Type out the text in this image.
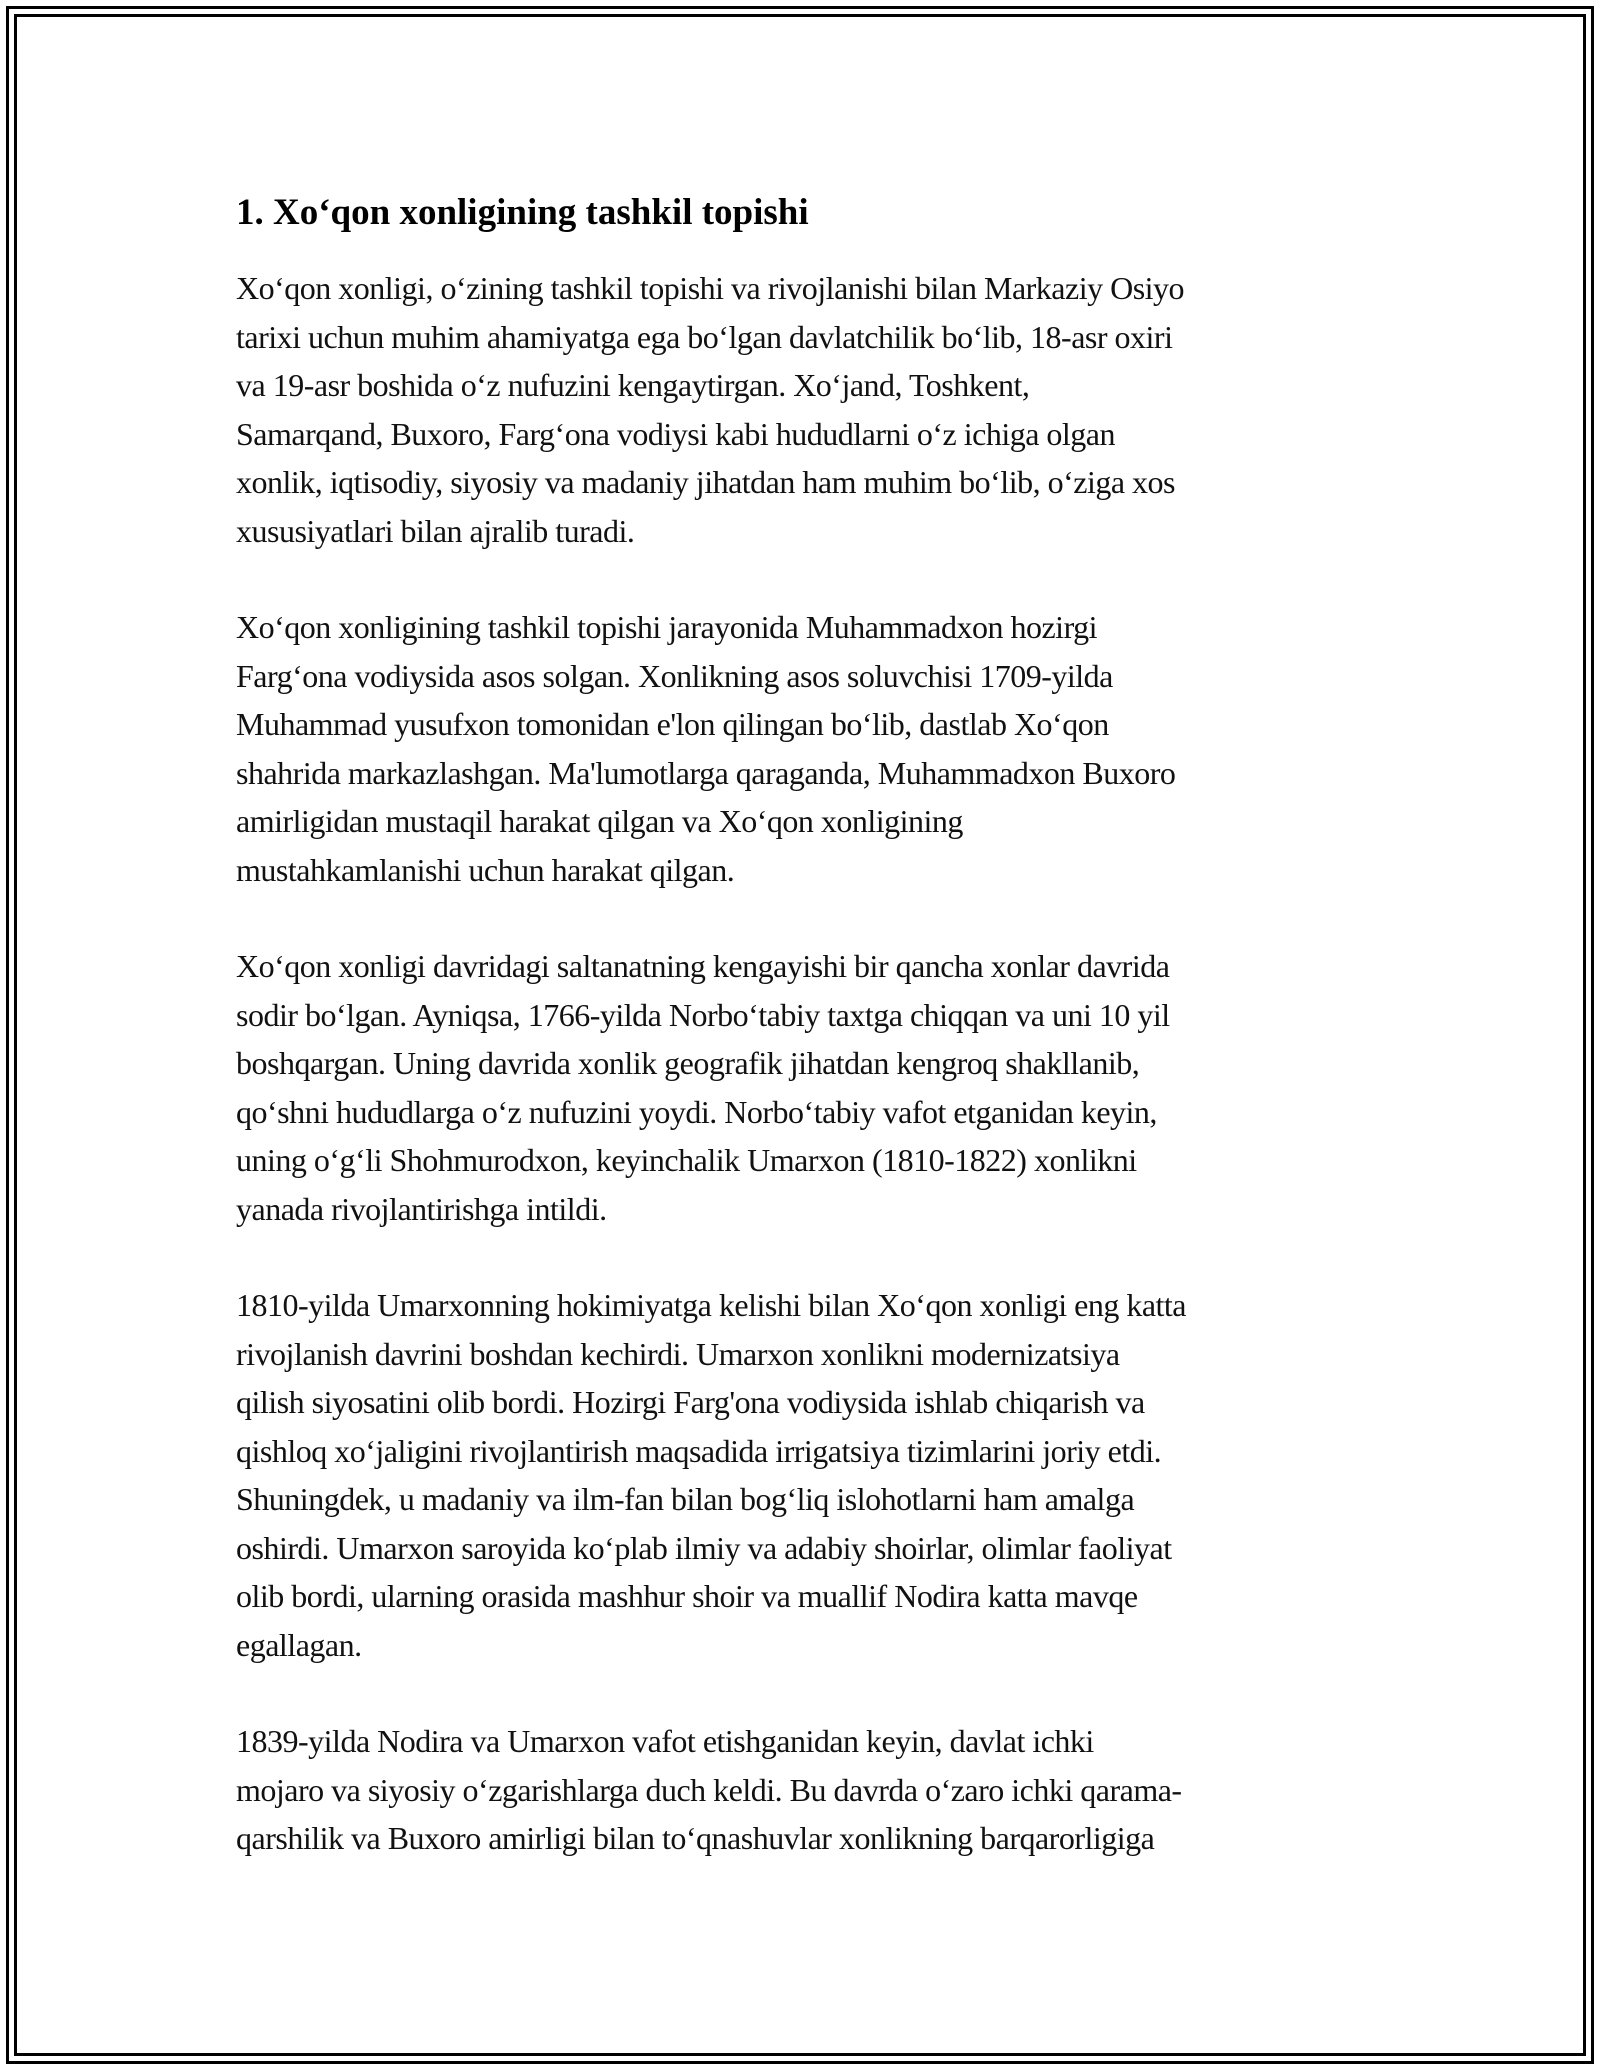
1. Xo‘qon xonligining tashkil topishi

Xo‘qon xonligi, o‘zining tashkil topishi va rivojlanishi bilan Markaziy Osiyo
tarixi uchun muhim ahamiyatga ega bo‘lgan davlatchilik bo‘lib, 18-asr oxiri
va 19-asr boshida o‘z nufuzini kengaytirgan. Xo‘jand, Toshkent,
Samarqand, Buxoro, Farg‘ona vodiysi kabi hududlarni o‘z ichiga olgan
xonlik, iqtisodiy, siyosiy va madaniy jihatdan ham muhim bo‘lib, o‘ziga xos
xususiyatlari bilan ajralib turadi.

Xo‘qon xonligining tashkil topishi jarayonida Muhammadxon hozirgi
Farg‘ona vodiysida asos solgan. Xonlikning asos soluvchisi 1709-yilda
Muhammad yusufxon tomonidan e'lon qilingan bo‘lib, dastlab Xo‘qon
shahrida markazlashgan. Ma'lumotlarga qaraganda, Muhammadxon Buxoro
amirligidan mustaqil harakat qilgan va Xo‘qon xonligining
mustahkamlanishi uchun harakat qilgan.

Xo‘qon xonligi davridagi saltanatning kengayishi bir qancha xonlar davrida
sodir bo‘lgan. Ayniqsa, 1766-yilda Norbo‘tabiy taxtga chiqqan va uni 10 yil
boshqargan. Uning davrida xonlik geografik jihatdan kengroq shakllanib,
qo‘shni hududlarga o‘z nufuzini yoydi. Norbo‘tabiy vafot etganidan keyin,
uning o‘g‘li Shohmurodxon, keyinchalik Umarxon (1810-1822) xonlikni
yanada rivojlantirishga intildi.

1810-yilda Umarxonning hokimiyatga kelishi bilan Xo‘qon xonligi eng katta
rivojlanish davrini boshdan kechirdi. Umarxon xonlikni modernizatsiya
qilish siyosatini olib bordi. Hozirgi Farg'ona vodiysida ishlab chiqarish va
qishloq xo‘jaligini rivojlantirish maqsadida irrigatsiya tizimlarini joriy etdi.
Shuningdek, u madaniy va ilm-fan bilan bog‘liq islohotlarni ham amalga
oshirdi. Umarxon saroyida ko‘plab ilmiy va adabiy shoirlar, olimlar faoliyat
olib bordi, ularning orasida mashhur shoir va muallif Nodira katta mavqe
egallagan.

1839-yilda Nodira va Umarxon vafot etishganidan keyin, davlat ichki
mojaro va siyosiy o‘zgarishlarga duch keldi. Bu davrda o‘zaro ichki qarama-
qarshilik va Buxoro amirligi bilan to‘qnashuvlar xonlikning barqarorligiga
